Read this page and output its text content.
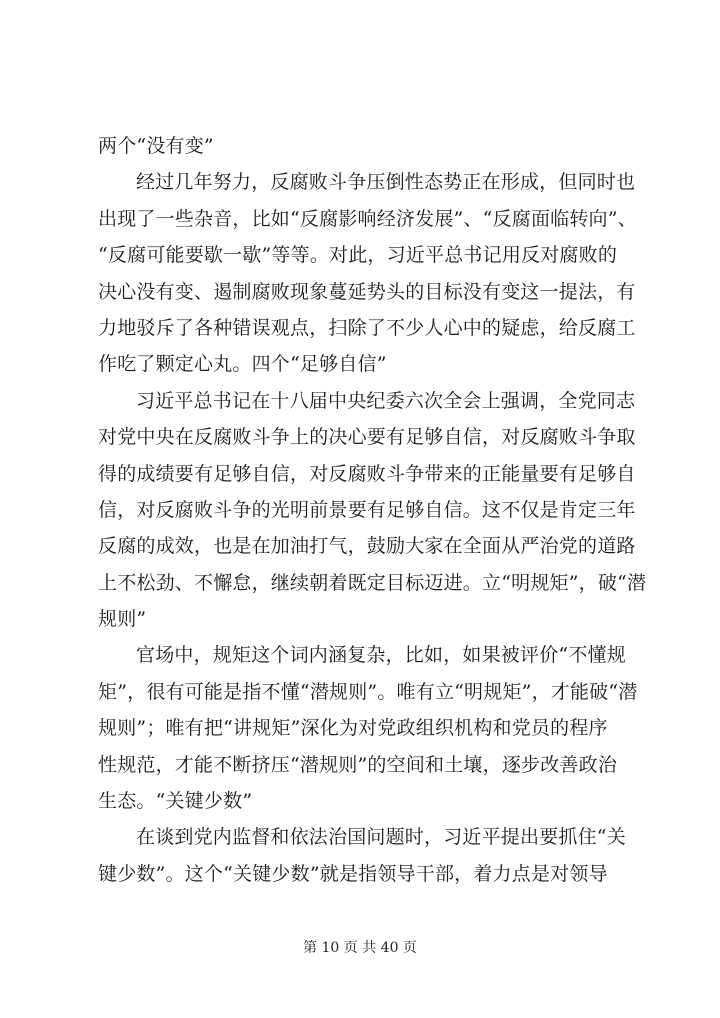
两个“没有变”
经过几年努力，反腐败斗争压倒性态势正在形成，但同时也
出现了一些杂音，比如“反腐影响经济发展”、“反腐面临转向”、
“反腐可能要歇一歇”等等。对此，习近平总书记用反对腐败的
决心没有变、遏制腐败现象蔓延势头的目标没有变这一提法，有
力地驳斥了各种错误观点，扫除了不少人心中的疑虑，给反腐工
作吃了颗定心丸。四个“足够自信”
习近平总书记在十八届中央纪委六次全会上强调，全党同志
对党中央在反腐败斗争上的决心要有足够自信，对反腐败斗争取
得的成绩要有足够自信，对反腐败斗争带来的正能量要有足够自
信，对反腐败斗争的光明前景要有足够自信。这不仅是肯定三年
反腐的成效，也是在加油打气，鼓励大家在全面从严治党的道路
上不松劲、不懈怠，继续朝着既定目标迈进。立“明规矩”，破“潜
规则”
官场中，规矩这个词内涵复杂，比如，如果被评价“不懂规
矩”，很有可能是指不懂“潜规则”。唯有立“明规矩”，才能破“潜
规则”；唯有把“讲规矩”深化为对党政组织机构和党员的程序
性规范，才能不断挤压“潜规则”的空间和土壤，逐步改善政治
生态。“关键少数”
在谈到党内监督和依法治国问题时，习近平提出要抓住“关
键少数”。这个“关键少数”就是指领导干部，着力点是对领导
第 10 页 共 40 页
